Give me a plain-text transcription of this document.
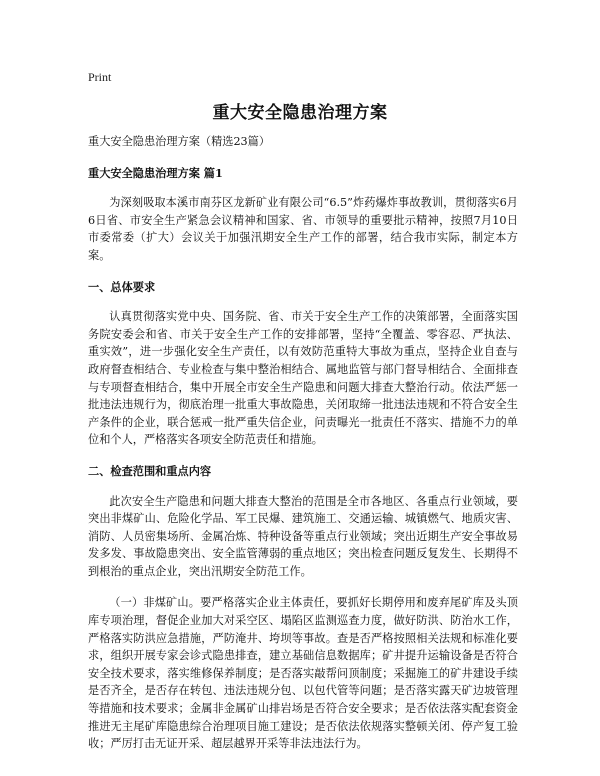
Print
重大安全隐患治理方案
重大安全隐患治理方案（精选23篇）
重大安全隐患治理方案 篇1
为深刻吸取本溪市南芬区龙新矿业有限公司“6.5”炸药爆炸事故教训，贯彻落实6月6日省、市安全生产紧急会议精神和国家、省、市领导的重要批示精神，按照7月10日市委常委（扩大）会议关于加强汛期安全生产工作的部署，结合我市实际，制定本方案。
一、总体要求
认真贯彻落实党中央、国务院、省、市关于安全生产工作的决策部署，全面落实国务院安委会和省、市关于安全生产工作的安排部署，坚持“全覆盖、零容忍、严执法、重实效”，进一步强化安全生产责任，以有效防范重特大事故为重点，坚持企业自查与政府督查相结合、专业检查与集中整治相结合、属地监管与部门督导相结合、全面排查与专项督查相结合，集中开展全市安全生产隐患和问题大排查大整治行动。依法严惩一批违法违规行为，彻底治理一批重大事故隐患，关闭取缔一批违法违规和不符合安全生产条件的企业，联合惩戒一批严重失信企业，问责曝光一批责任不落实、措施不力的单位和个人，严格落实各项安全防范责任和措施。
二、检查范围和重点内容
此次安全生产隐患和问题大排查大整治的范围是全市各地区、各重点行业领域，要突出非煤矿山、危险化学品、军工民爆、建筑施工、交通运输、城镇燃气、地质灾害、消防、人员密集场所、金属冶炼、特种设备等重点行业领域；突出近期生产安全事故易发多发、事故隐患突出、安全监管薄弱的重点地区；突出检查问题反复发生、长期得不到根治的重点企业，突出汛期安全防范工作。
（一）非煤矿山。要严格落实企业主体责任，要抓好长期停用和废弃尾矿库及头顶库专项治理，督促企业加大对采空区、塌陷区监测巡查力度，做好防洪、防治水工作，严格落实防洪应急措施，严防淹井、垮坝等事故。查是否严格按照相关法规和标准化要求，组织开展专家会诊式隐患排查，建立基础信息数据库；矿井提升运输设备是否符合安全技术要求，落实维修保养制度；是否落实敲帮问顶制度；采掘施工的矿井建设手续是否齐全，是否存在转包、违法违规分包、以包代管等问题；是否落实露天矿边坡管理等措施和技术要求；金属非金属矿山排岩场是否符合安全要求；是否依法落实配套资金推进无主尾矿库隐患综合治理项目施工建设；是否依法依规落实整顿关闭、停产复工验收；严厉打击无证开采、超层越界开采等非法违法行为。
